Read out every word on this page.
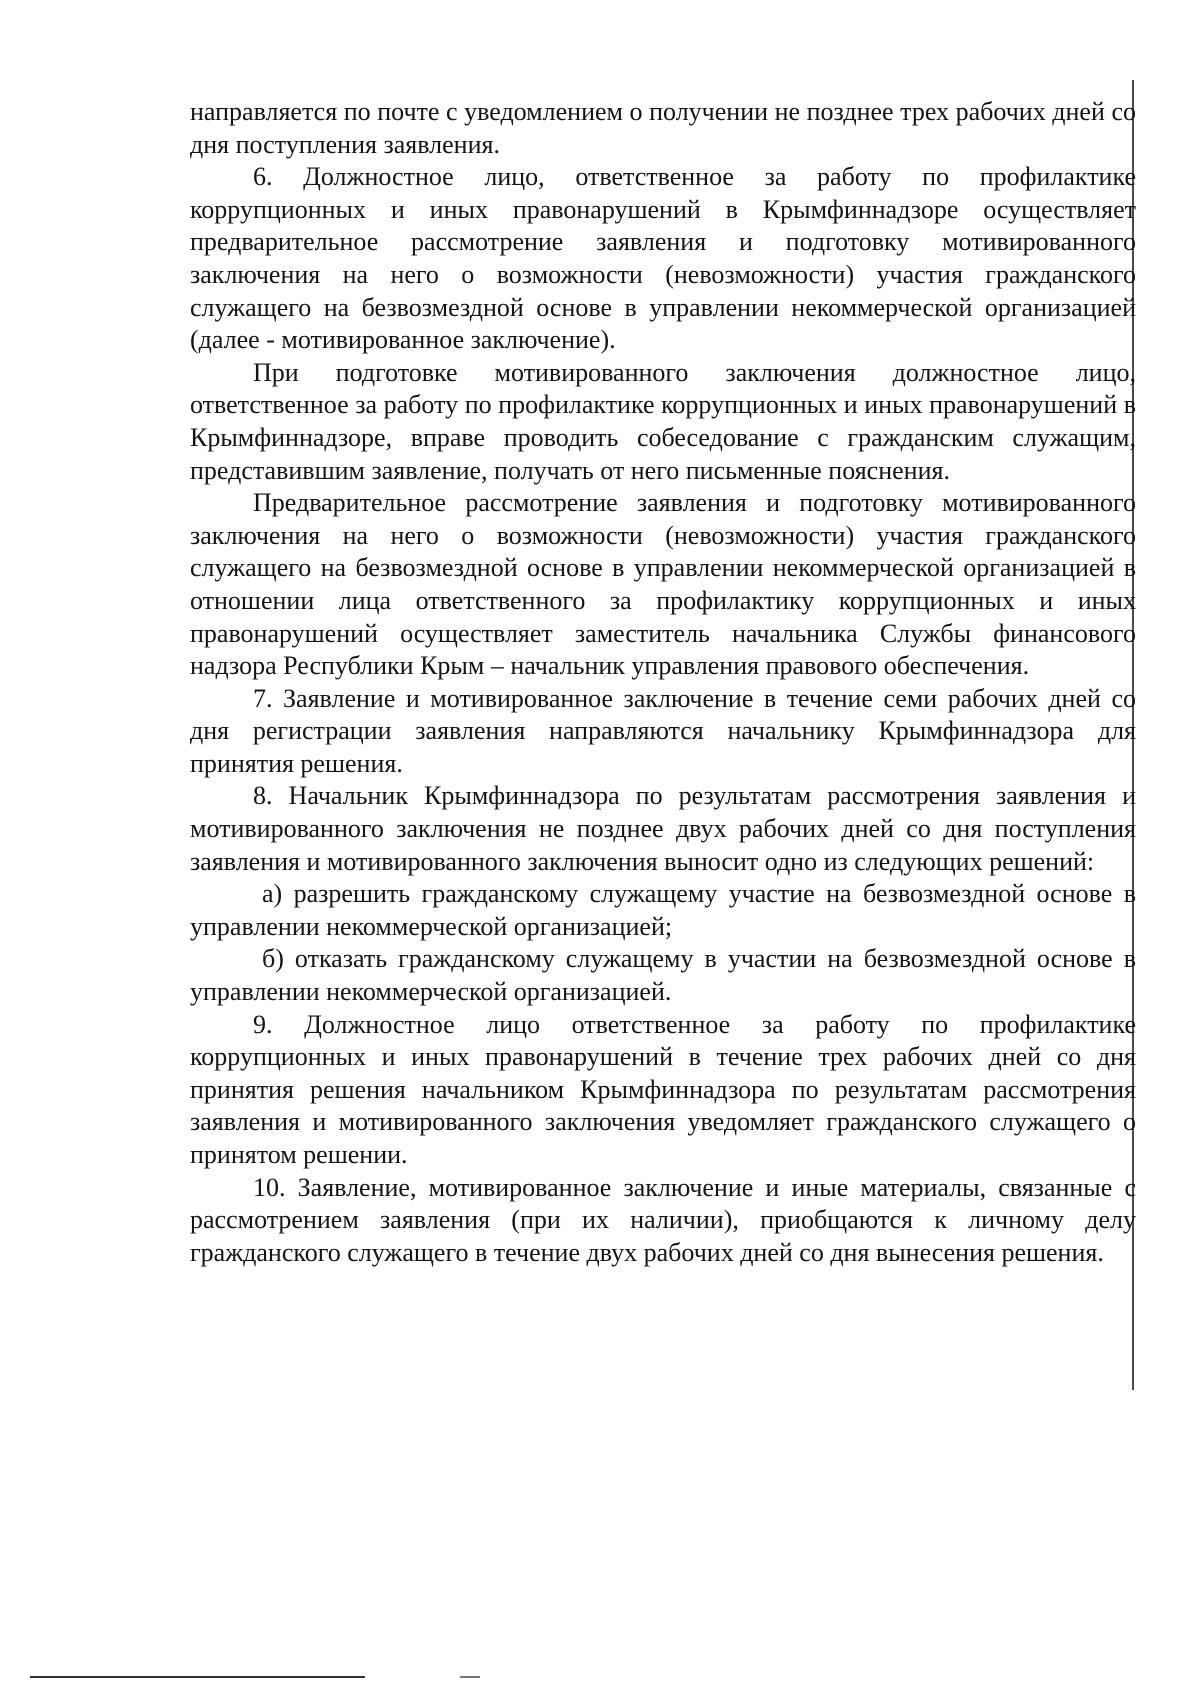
направляется по почте с уведомлением о получении не позднее трех рабочих дней со дня поступления заявления.

6. Должностное лицо, ответственное за работу по профилактике коррупционных и иных правонарушений в Крымфиннадзоре осуществляет предварительное рассмотрение заявления и подготовку мотивированного заключения на него о возможности (невозможности) участия гражданского служащего на безвозмездной основе в управлении некоммерческой организацией (далее - мотивированное заключение).

При подготовке мотивированного заключения должностное лицо, ответственное за работу по профилактике коррупционных и иных правонарушений в Крымфиннадзоре, вправе проводить собеседование с гражданским служащим, представившим заявление, получать от него письменные пояснения.

Предварительное рассмотрение заявления и подготовку мотивированного заключения на него о возможности (невозможности) участия гражданского служащего на безвозмездной основе в управлении некоммерческой организацией в отношении лица ответственного за профилактику коррупционных и иных правонарушений осуществляет заместитель начальника Службы финансового надзора Республики Крым – начальник управления правового обеспечения.

7. Заявление и мотивированное заключение в течение семи рабочих дней со дня регистрации заявления направляются начальнику Крымфиннадзора для принятия решения.

8. Начальник Крымфиннадзора по результатам рассмотрения заявления и мотивированного заключения не позднее двух рабочих дней со дня поступления заявления и мотивированного заключения выносит одно из следующих решений:

а) разрешить гражданскому служащему участие на безвозмездной основе в управлении некоммерческой организацией;

б) отказать гражданскому служащему в участии на безвозмездной основе в управлении некоммерческой организацией.

9. Должностное лицо ответственное за работу по профилактике коррупционных и иных правонарушений в течение трех рабочих дней со дня принятия решения начальником Крымфиннадзора по результатам рассмотрения заявления и мотивированного заключения уведомляет гражданского служащего о принятом решении.

10. Заявление, мотивированное заключение и иные материалы, связанные с рассмотрением заявления (при их наличии), приобщаются к личному делу гражданского служащего в течение двух рабочих дней со дня вынесения решения.
